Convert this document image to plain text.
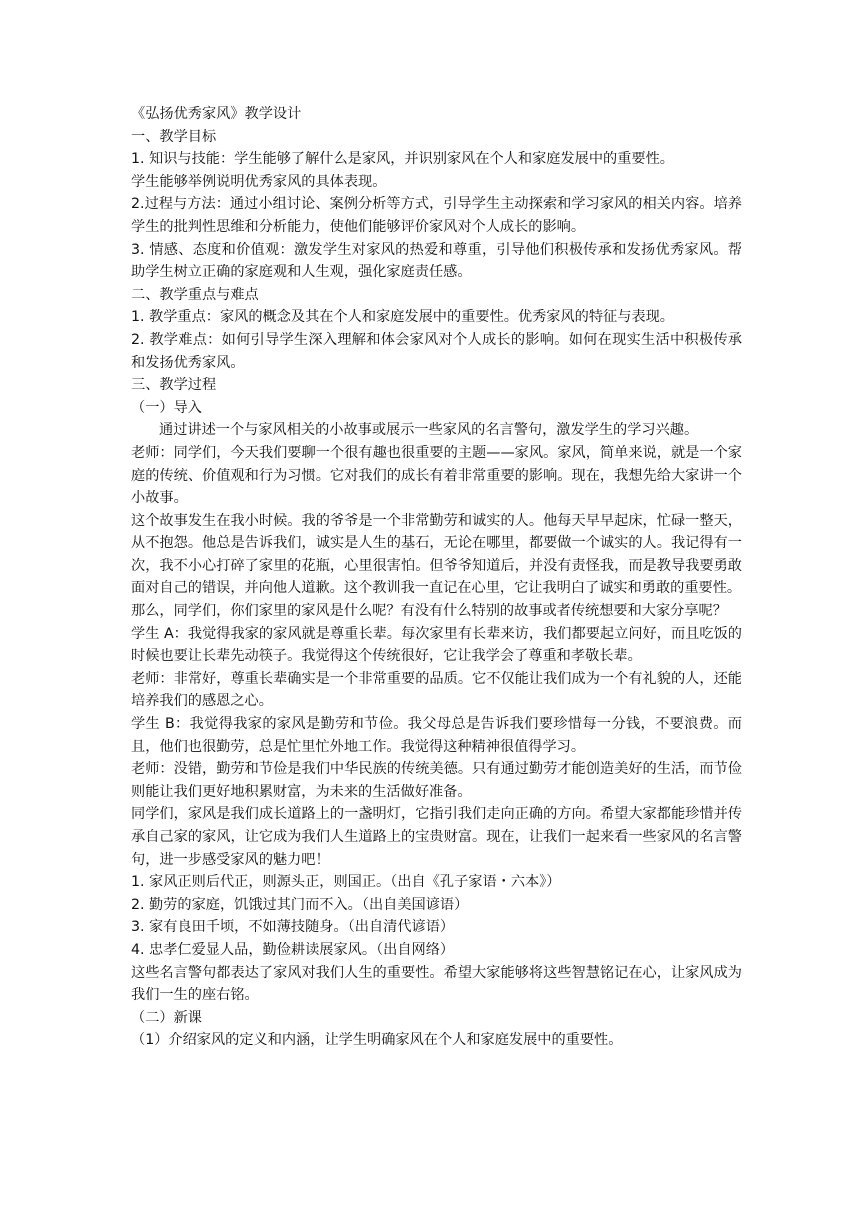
《弘扬优秀家风》教学设计
一、教学目标
1. 知识与技能：学生能够了解什么是家风，并识别家风在个人和家庭发展中的重要性。
学生能够举例说明优秀家风的具体表现。
2.过程与方法：通过小组讨论、案例分析等方式，引导学生主动探索和学习家风的相关内容。培养学生的批判性思维和分析能力，使他们能够评价家风对个人成长的影响。
3. 情感、态度和价值观：激发学生对家风的热爱和尊重，引导他们积极传承和发扬优秀家风。帮助学生树立正确的家庭观和人生观，强化家庭责任感。
二、教学重点与难点
1. 教学重点：家风的概念及其在个人和家庭发展中的重要性。优秀家风的特征与表现。
2. 教学难点：如何引导学生深入理解和体会家风对个人成长的影响。如何在现实生活中积极传承和发扬优秀家风。
三、教学过程
（一）导入
通过讲述一个与家风相关的小故事或展示一些家风的名言警句，激发学生的学习兴趣。
老师：同学们，今天我们要聊一个很有趣也很重要的主题——家风。家风，简单来说，就是一个家庭的传统、价值观和行为习惯。它对我们的成长有着非常重要的影响。现在，我想先给大家讲一个小故事。
这个故事发生在我小时候。我的爷爷是一个非常勤劳和诚实的人。他每天早早起床，忙碌一整天，从不抱怨。他总是告诉我们，诚实是人生的基石，无论在哪里，都要做一个诚实的人。我记得有一次，我不小心打碎了家里的花瓶，心里很害怕。但爷爷知道后，并没有责怪我，而是教导我要勇敢面对自己的错误，并向他人道歉。这个教训我一直记在心里，它让我明白了诚实和勇敢的重要性。
那么，同学们，你们家里的家风是什么呢？有没有什么特别的故事或者传统想要和大家分享呢？
学生 A：我觉得我家的家风就是尊重长辈。每次家里有长辈来访，我们都要起立问好，而且吃饭的时候也要让长辈先动筷子。我觉得这个传统很好，它让我学会了尊重和孝敬长辈。
老师：非常好，尊重长辈确实是一个非常重要的品质。它不仅能让我们成为一个有礼貌的人，还能培养我们的感恩之心。
学生 B：我觉得我家的家风是勤劳和节俭。我父母总是告诉我们要珍惜每一分钱，不要浪费。而且，他们也很勤劳，总是忙里忙外地工作。我觉得这种精神很值得学习。
老师：没错，勤劳和节俭是我们中华民族的传统美德。只有通过勤劳才能创造美好的生活，而节俭则能让我们更好地积累财富，为未来的生活做好准备。
同学们，家风是我们成长道路上的一盏明灯，它指引我们走向正确的方向。希望大家都能珍惜并传承自己家的家风，让它成为我们人生道路上的宝贵财富。现在，让我们一起来看一些家风的名言警句，进一步感受家风的魅力吧！
1. 家风正则后代正，则源头正，则国正。（出自《孔子家语・六本》）
2. 勤劳的家庭，饥饿过其门而不入。（出自美国谚语）
3. 家有良田千顷，不如薄技随身。（出自清代谚语）
4. 忠孝仁爱显人品，勤俭耕读展家风。（出自网络）
这些名言警句都表达了家风对我们人生的重要性。希望大家能够将这些智慧铭记在心，让家风成为我们一生的座右铭。
（二）新课
（1）介绍家风的定义和内涵，让学生明确家风在个人和家庭发展中的重要性。
